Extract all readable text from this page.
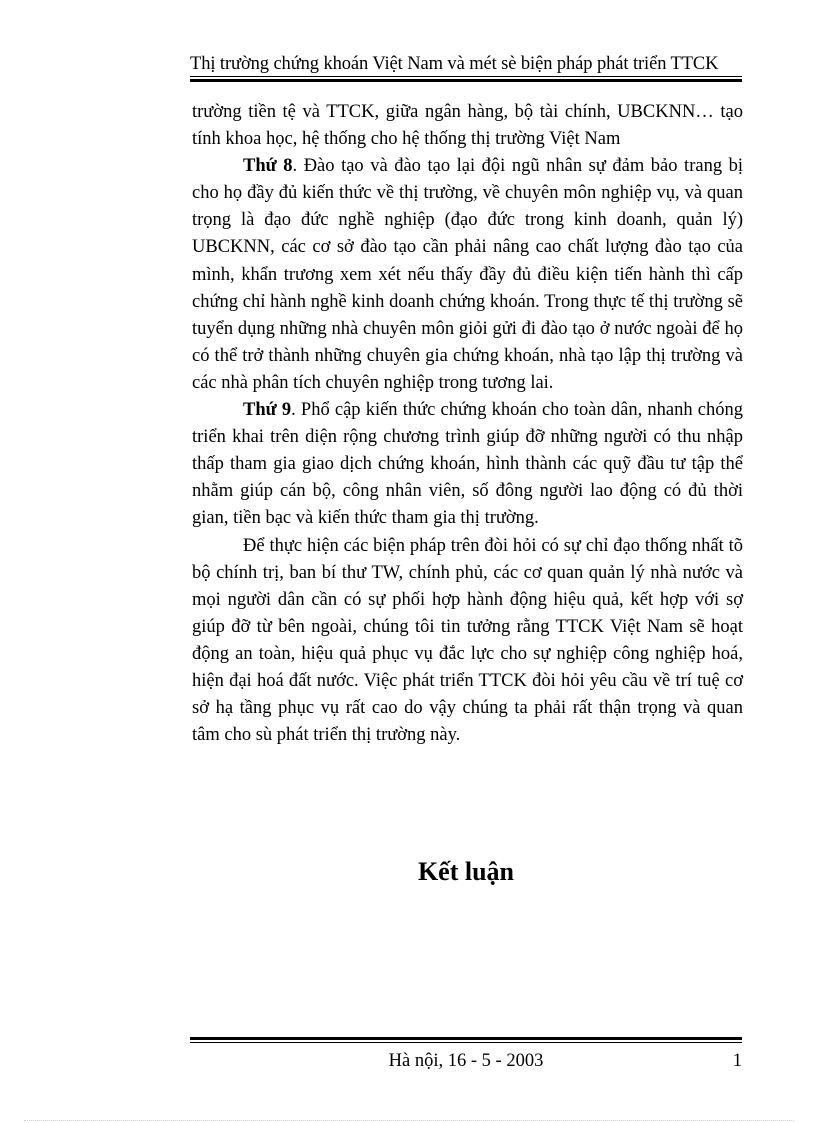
Thị trường chứng khoán Việt Nam và mét sè biện pháp phát triển TTCK

trường tiền tệ và TTCK, giữa ngân hàng, bộ tài chính, UBCKNN… tạo tính khoa học, hệ thống cho hệ thống thị trường Việt Nam

Thứ 8. Đào tạo và đào tạo lại đội ngũ nhân sự đảm bảo trang bị cho họ đầy đủ kiến thức về thị trường, về chuyên môn nghiệp vụ, và quan trọng là đạo đức nghề nghiệp (đạo đức trong kinh doanh, quản lý) UBCKNN, các cơ sở đào tạo cần phải nâng cao chất lượng đào tạo của mình, khẩn trương xem xét nếu thấy đầy đủ điều kiện tiến hành thì cấp chứng chỉ hành nghề kinh doanh chứng khoán. Trong thực tế thị trường sẽ tuyển dụng những nhà chuyên môn giỏi gửi đi đào tạo ở nước ngoài để họ có thể trở thành những chuyên gia chứng khoán, nhà tạo lập thị trường và các nhà phân tích chuyên nghiệp trong tương lai.

Thứ 9. Phổ cập kiến thức chứng khoán cho toàn dân, nhanh chóng triển khai trên diện rộng chương trình giúp đỡ những người có thu nhập thấp tham gia giao dịch chứng khoán, hình thành các quỹ đầu tư tập thể nhằm giúp cán bộ, công nhân viên, số đông người lao động có đủ thời gian, tiền bạc và kiến thức tham gia thị trường.

Để thực hiện các biện pháp trên đòi hỏi có sự chỉ đạo thống nhất tõ bộ chính trị, ban bí thư TW, chính phủ, các cơ quan quản lý nhà nước và mọi người dân cần có sự phối hợp hành động hiệu quả, kết hợp với sợ giúp đỡ từ bên ngoài, chúng tôi tin tưởng rằng TTCK Việt Nam sẽ hoạt động an toàn, hiệu quả phục vụ đắc lực cho sự nghiệp công nghiệp hoá, hiện đại hoá đất nước. Việc phát triển TTCK đòi hỏi yêu cầu về trí tuệ cơ sở hạ tầng phục vụ rất cao do vậy chúng ta phải rất thận trọng và quan tâm cho sù phát triển thị trường này.

Kết luận
Hà nội, 16 - 5 - 2003	1
